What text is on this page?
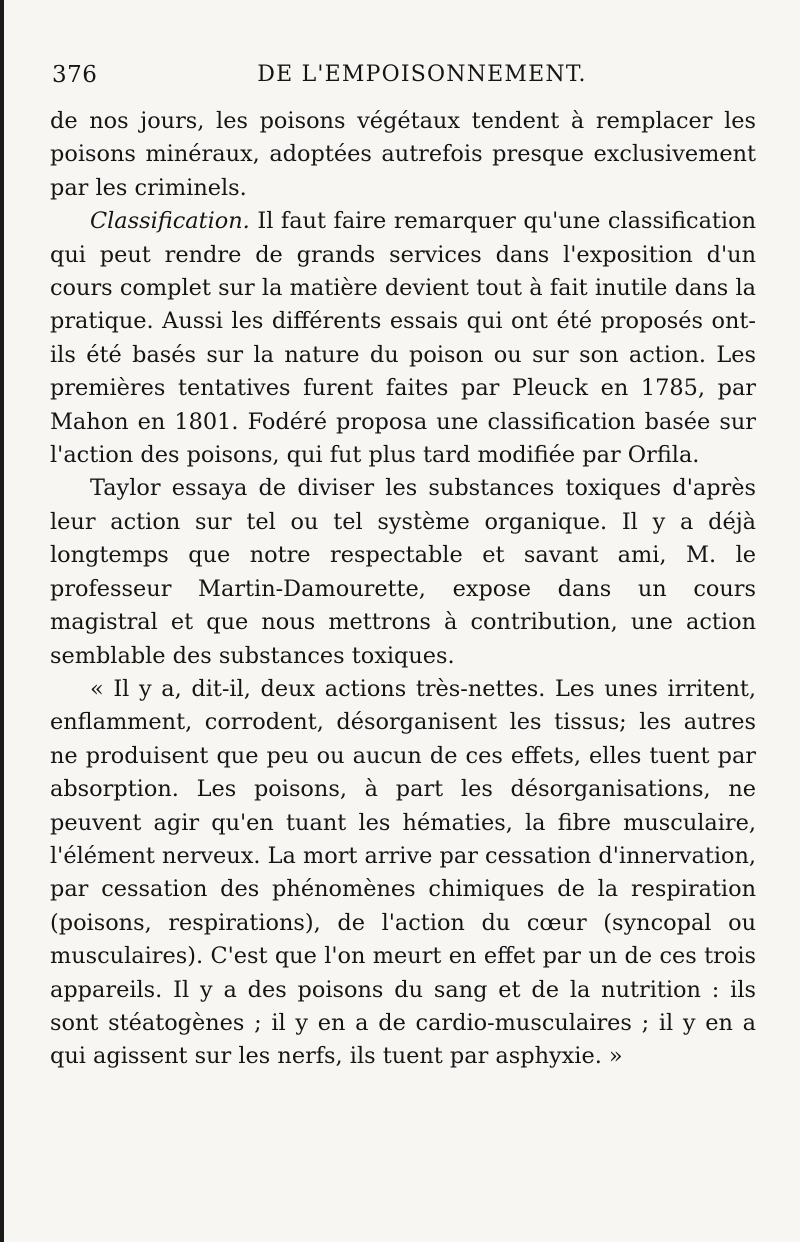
376	DE L'EMPOISONNEMENT.

de nos jours, les poisons végétaux tendent à remplacer les poisons minéraux, adoptées autrefois presque exclusivement par les criminels.

Classification. Il faut faire remarquer qu'une classification qui peut rendre de grands services dans l'exposition d'un cours complet sur la matière devient tout à fait inutile dans la pratique. Aussi les différents essais qui ont été proposés ont-ils été basés sur la nature du poison ou sur son action. Les premières tentatives furent faites par Pleuck en 1785, par Mahon en 1801. Fodéré proposa une classification basée sur l'action des poisons, qui fut plus tard modifiée par Orfila.

Taylor essaya de diviser les substances toxiques d'après leur action sur tel ou tel système organique. Il y a déjà longtemps que notre respectable et savant ami, M. le professeur Martin-Damourette, expose dans un cours magistral et que nous mettrons à contribution, une action semblable des substances toxiques.

« Il y a, dit-il, deux actions très-nettes. Les unes irritent, enflamment, corrodent, désorganisent les tissus; les autres ne produisent que peu ou aucun de ces effets, elles tuent par absorption. Les poisons, à part les désorganisations, ne peuvent agir qu'en tuant les hématies, la fibre musculaire, l'élément nerveux. La mort arrive par cessation d'innervation, par cessation des phénomènes chimiques de la respiration (poisons, respirations), de l'action du cœur (syncopal ou musculaires). C'est que l'on meurt en effet par un de ces trois appareils. Il y a des poisons du sang et de la nutrition : ils sont stéatogènes ; il y en a de cardio-musculaires ; il y en a qui agissent sur les nerfs, ils tuent par asphyxie. »
